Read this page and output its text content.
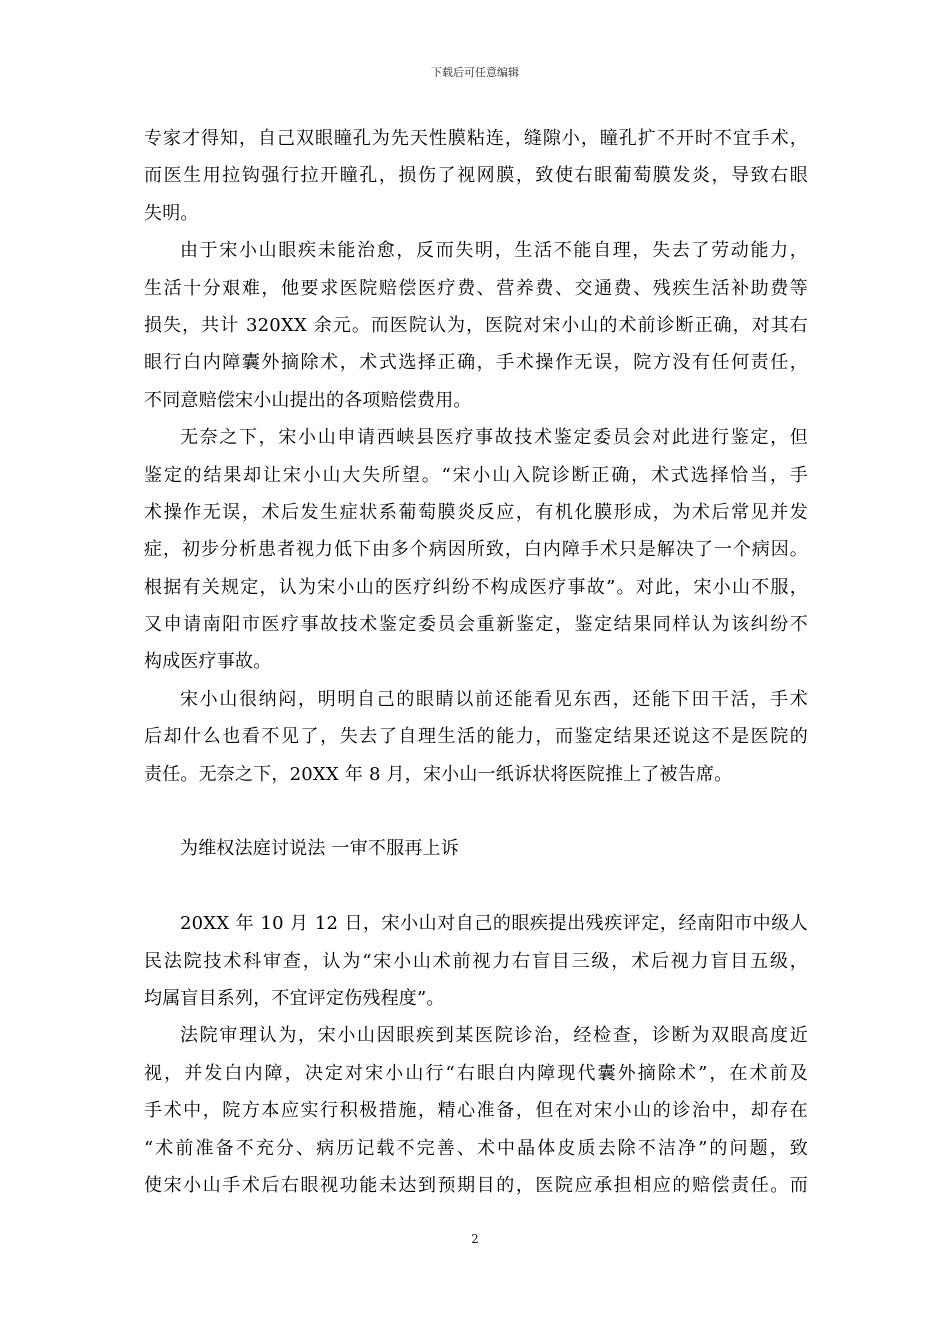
下载后可任意编辑
专家才得知，自己双眼瞳孔为先天性膜粘连，缝隙小，瞳孔扩不开时不宜手术，
而医生用拉钩强行拉开瞳孔，损伤了视网膜，致使右眼葡萄膜发炎，导致右眼
失明。
由于宋小山眼疾未能治愈，反而失明，生活不能自理，失去了劳动能力，
生活十分艰难，他要求医院赔偿医疗费、营养费、交通费、残疾生活补助费等
损失，共计 320XX 余元。而医院认为，医院对宋小山的术前诊断正确，对其右
眼行白内障囊外摘除术，术式选择正确，手术操作无误，院方没有任何责任，
不同意赔偿宋小山提出的各项赔偿费用。
无奈之下，宋小山申请西峡县医疗事故技术鉴定委员会对此进行鉴定，但
鉴定的结果却让宋小山大失所望。“宋小山入院诊断正确，术式选择恰当，手
术操作无误，术后发生症状系葡萄膜炎反应，有机化膜形成，为术后常见并发
症，初步分析患者视力低下由多个病因所致，白内障手术只是解决了一个病因。
根据有关规定，认为宋小山的医疗纠纷不构成医疗事故”。对此，宋小山不服，
又申请南阳市医疗事故技术鉴定委员会重新鉴定，鉴定结果同样认为该纠纷不
构成医疗事故。
宋小山很纳闷，明明自己的眼睛以前还能看见东西，还能下田干活，手术
后却什么也看不见了，失去了自理生活的能力，而鉴定结果还说这不是医院的
责任。无奈之下，20XX 年 8 月，宋小山一纸诉状将医院推上了被告席。
为维权法庭讨说法 一审不服再上诉
20XX 年 10 月 12 日，宋小山对自己的眼疾提出残疾评定，经南阳市中级人
民法院技术科审查，认为“宋小山术前视力右盲目三级，术后视力盲目五级，
均属盲目系列，不宜评定伤残程度”。
法院审理认为，宋小山因眼疾到某医院诊治，经检查，诊断为双眼高度近
视，并发白内障，决定对宋小山行“右眼白内障现代囊外摘除术”，在术前及
手术中，院方本应实行积极措施，精心准备，但在对宋小山的诊治中，却存在
“术前准备不充分、病历记载不完善、术中晶体皮质去除不洁净”的问题，致
使宋小山手术后右眼视功能未达到预期目的，医院应承担相应的赔偿责任。而
2
